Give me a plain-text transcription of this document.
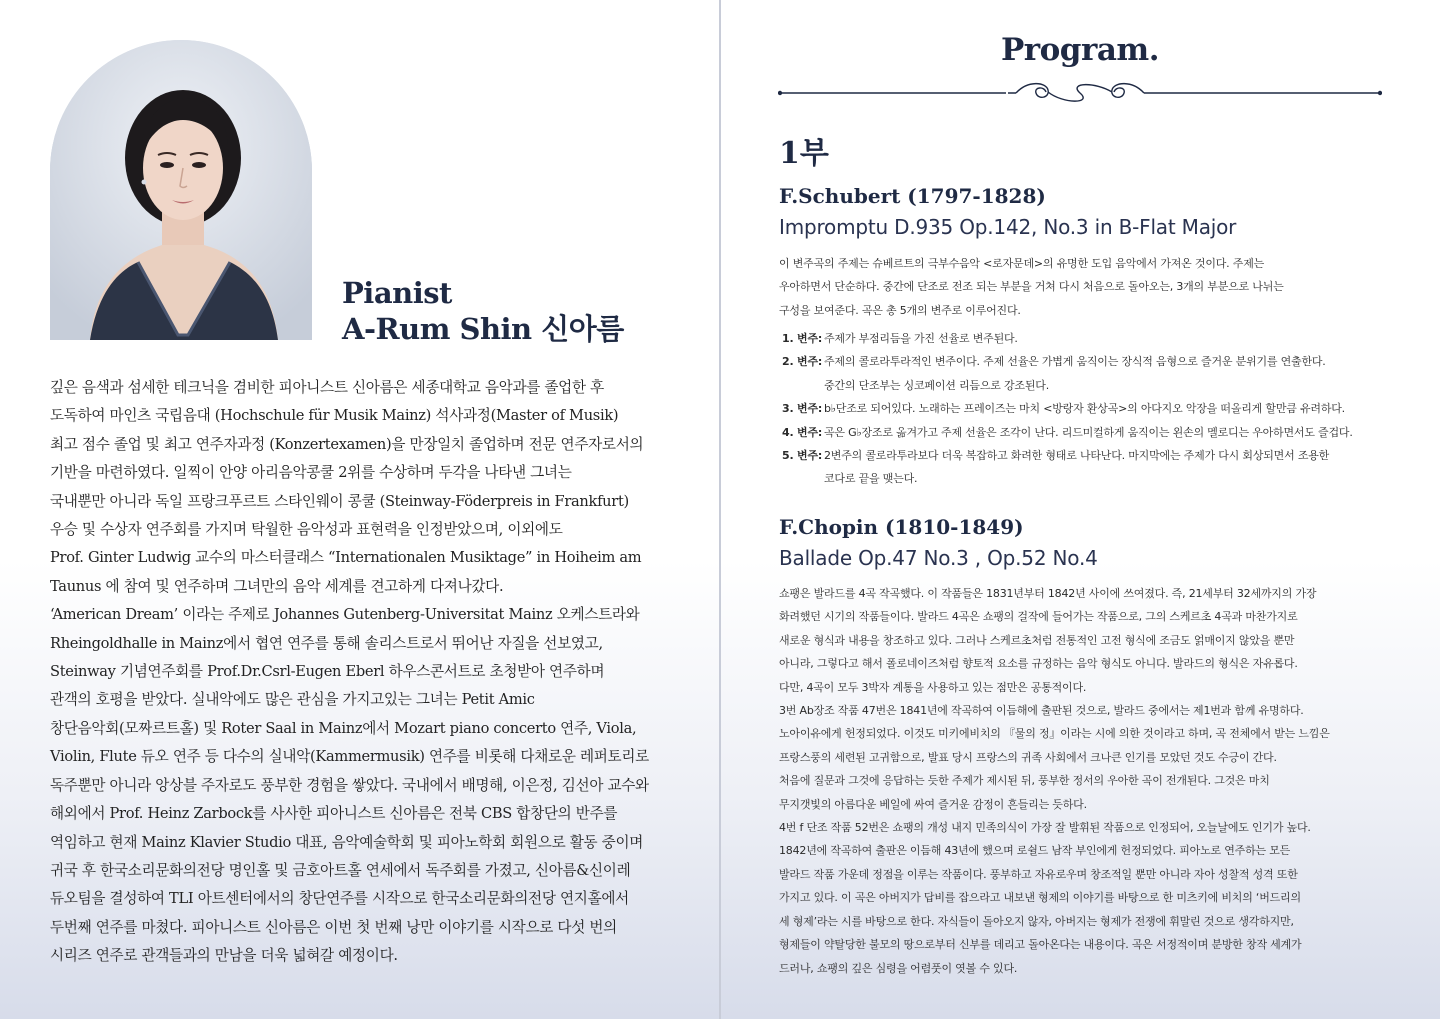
Pianist
A-Rum Shin 신아름

깊은 음색과 섬세한 테크닉을 겸비한 피아니스트 신아름은 세종대학교 음악과를 졸업한 후

도독하여 마인츠 국립음대 (Hochschule für Musik Mainz) 석사과정(Master of Musik)

최고 점수 졸업 및 최고 연주자과정 (Konzertexamen)을 만장일치 졸업하며 전문 연주자로서의

기반을 마련하였다. 일찍이 안양 아리음악콩쿨 2위를 수상하며 두각을 나타낸 그녀는

국내뿐만 아니라 독일 프랑크푸르트 스타인웨이 콩쿨 (Steinway-Föderpreis in Frankfurt)

우승 및 수상자 연주회를 가지며 탁월한 음악성과 표현력을 인정받았으며, 이외에도

Prof. Ginter Ludwig 교수의 마스터클래스 “Internationalen Musiktage” in Hoiheim am

Taunus 에 참여 및 연주하며 그녀만의 음악 세계를 견고하게 다져나갔다.

‘American Dream’ 이라는 주제로 Johannes Gutenberg-Universitat Mainz 오케스트라와

Rheingoldhalle in Mainz에서 협연 연주를 통해 솔리스트로서 뛰어난 자질을 선보였고,

Steinway 기념연주회를 Prof.Dr.Csrl-Eugen Eberl 하우스콘서트로 초청받아 연주하며

관객의 호평을 받았다. 실내악에도 많은 관심을 가지고있는 그녀는 Petit Amic

창단음악회(모짜르트홀) 및 Roter Saal in Mainz에서 Mozart piano concerto 연주, Viola,

Violin, Flute 듀오 연주 등 다수의 실내악(Kammermusik) 연주를 비롯해 다채로운 레퍼토리로

독주뿐만 아니라 앙상블 주자로도 풍부한 경험을 쌓았다. 국내에서 배명해, 이은정, 김선아 교수와

해외에서 Prof. Heinz Zarbock를 사사한 피아니스트 신아름은 전북 CBS 합창단의 반주를

역임하고 현재 Mainz Klavier Studio 대표, 음악예술학회 및 피아노학회 회원으로 활동 중이며

귀국 후 한국소리문화의전당 명인홀 및 금호아트홀 연세에서 독주회를 가졌고, 신아름&신이레

듀오팀을 결성하여 TLI 아트센터에서의 창단연주를 시작으로 한국소리문화의전당 연지홀에서

두번째 연주를 마쳤다. 피아니스트 신아름은 이번 첫 번째 낭만 이야기를 시작으로 다섯 번의

시리즈 연주로 관객들과의 만남을 더욱 넓혀갈 예정이다.

Program.
1부
F.Schubert (1797-1828)
Impromptu D.935 Op.142, No.3 in B-Flat Major

이 변주곡의 주제는 슈베르트의 극부수음악 <로자문데>의 유명한 도입 음악에서 가져온 것이다. 주제는

우아하면서 단순하다. 중간에 단조로 전조 되는 부분을 거쳐 다시 처음으로 돌아오는, 3개의 부분으로 나뉘는

구성을 보여준다. 곡은 총 5개의 변주로 이루어진다.

1. 변주: 주제가 부점리듬을 가진 선율로 변주된다.
2. 변주: 주제의 콜로라투라적인 변주이다. 주제 선율은 가볍게 움직이는 장식적 음형으로 즐거운 분위기를 연출한다.
중간의 단조부는 싱코페이션 리듬으로 강조된다.
3. 변주: b♭단조로 되어있다. 노래하는 프레이즈는 마치 <방랑자 환상곡>의 아다지오 악장을 떠올리게 할만큼 유려하다.
4. 변주: 곡은 G♭장조로 옮겨가고 주제 선율은 조각이 난다. 리드미컬하게 움직이는 왼손의 멜로디는 우아하면서도 즐겁다.
5. 변주: 2변주의 콜로라투라보다 더욱 복잡하고 화려한 형태로 나타난다. 마지막에는 주제가 다시 회상되면서 조용한
코다로 끝을 맺는다.
F.Chopin (1810-1849)
Ballade Op.47 No.3 , Op.52 No.4

쇼팽은 발라드를 4곡 작곡했다. 이 작품들은 1831년부터 1842년 사이에 쓰여졌다. 즉, 21세부터 32세까지의 가장

화려했던 시기의 작품들이다. 발라드 4곡은 쇼팽의 걸작에 들어가는 작품으로, 그의 스케르초 4곡과 마찬가지로

새로운 형식과 내용을 창조하고 있다. 그러나 스케르초처럼 전통적인 고전 형식에 조금도 얽매이지 않았을 뿐만

아니라, 그렇다고 해서 폴로네이즈처럼 향토적 요소를 규정하는 음악 형식도 아니다. 발라드의 형식은 자유롭다.

다만, 4곡이 모두 3박자 계통을 사용하고 있는 점만은 공통적이다.

3번 Ab장조 작품 47번은 1841년에 작곡하여 이듬해에 출판된 것으로, 발라드 중에서는 제1번과 함께 유명하다.

노아이유에게 헌정되었다. 이것도 미키에비치의 『물의 정』이라는 시에 의한 것이라고 하며, 곡 전체에서 받는 느낌은

프랑스풍의 세련된 고귀함으로, 발표 당시 프랑스의 귀족 사회에서 크나큰 인기를 모았던 것도 수긍이 간다.

처음에 질문과 그것에 응답하는 듯한 주제가 제시된 뒤, 풍부한 정서의 우아한 곡이 전개된다. 그것은 마치

무지갯빛의 아름다운 베일에 싸여 즐거운 감정이 흔들리는 듯하다.

4번 f 단조 작품 52번은 쇼팽의 개성 내지 민족의식이 가장 잘 발휘된 작품으로 인정되어, 오늘날에도 인기가 높다.

1842년에 작곡하여 출판은 이듬해 43년에 했으며 로쉴드 남작 부인에게 헌정되었다. 피아노로 연주하는 모든

발라드 작품 가운데 정점을 이루는 작품이다. 풍부하고 자유로우며 창조적일 뿐만 아니라 자아 성찰적 성격 또한

가지고 있다. 이 곡은 아버지가 답비를 잡으라고 내보낸 형제의 이야기를 바탕으로 한 미츠키에 비치의 ‘버드리의

세 형제’라는 시를 바탕으로 한다. 자식들이 돌아오지 않자, 아버지는 형제가 전쟁에 휘말린 것으로 생각하지만,

형제들이 약탈당한 불모의 땅으로부터 신부를 데리고 돌아온다는 내용이다. 곡은 서정적이며 분방한 창작 세계가

드러나, 쇼팽의 깊은 심령을 어렴풋이 엿볼 수 있다.
